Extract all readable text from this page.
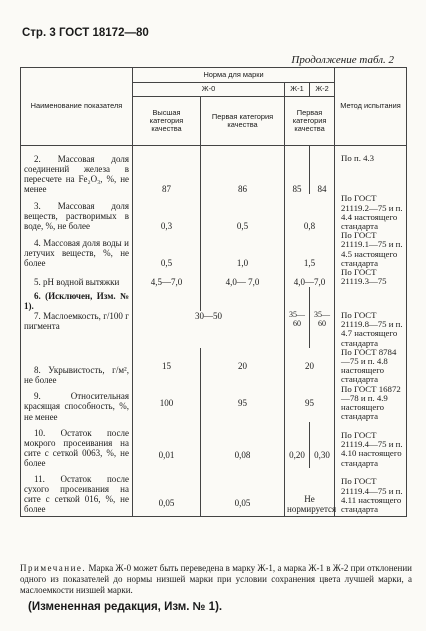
Стр. 3 ГОСТ 18172—80
Продолжение табл. 2
Наименование показателя	Норма для марки				Метод испытания
	Ж-0		Ж-1	Ж-2	
	Высшая категория качества	Первая категория качества	Первая категория качества		
2. Массовая доля соединений железа в пересчете на Fe₂O₃, %, не менее	87	86	85	84	По п. 4.3
3. Массовая доля веществ, растворимых в воде, %, не более	0,3	0,5	0,8		По ГОСТ 21119.2—75 и п. 4.4 настоящего стандарта
4. Массовая доля воды и летучих веществ, %, не более	0,5	1,0	1,5		По ГОСТ 21119.1—75 и п. 4.5 настоящего стандарта
5. pH водной вытяжки	4,5—7,0	4,0— 7,0	4,0—7,0		По ГОСТ 21119.3—75
6. (Исключен, Изм. № 1).					
7. Маслоемкость, г/100 г пигмента	30—50		35—60	35—60	По ГОСТ 21119.8—75 и п. 4.7 настоящего стандарта
8. Укрывистость, г/м², не более	15	20	20		По ГОСТ 8784—75 и п. 4.8 настоящего стандарта
9. Относительная красящая способность, %, не менее	100	95	95		По ГОСТ 16872—78 и п. 4.9 настоящего стандарта
10. Остаток после мокрого просеивания на сите с сеткой 0063, %, не более	0,01	0,08	0,20	0,30	По ГОСТ 21119.4—75 и п. 4.10 настоящего стандарта
11. Остаток после сухого просеивания на сите с сеткой 016, %, не более	0,05	0,05	Не нормируется		По ГОСТ 21119.4—75 и п. 4.11 настоящего стандарта
Примечание. Марка Ж-0 может быть переведена в марку Ж-1, а марка Ж-1 в Ж-2 при отклонении одного из показателей до нормы низшей марки при условии сохранения цвета лучшей марки, а маслоемкости низшей марки.
(Измененная редакция, Изм. № 1).
